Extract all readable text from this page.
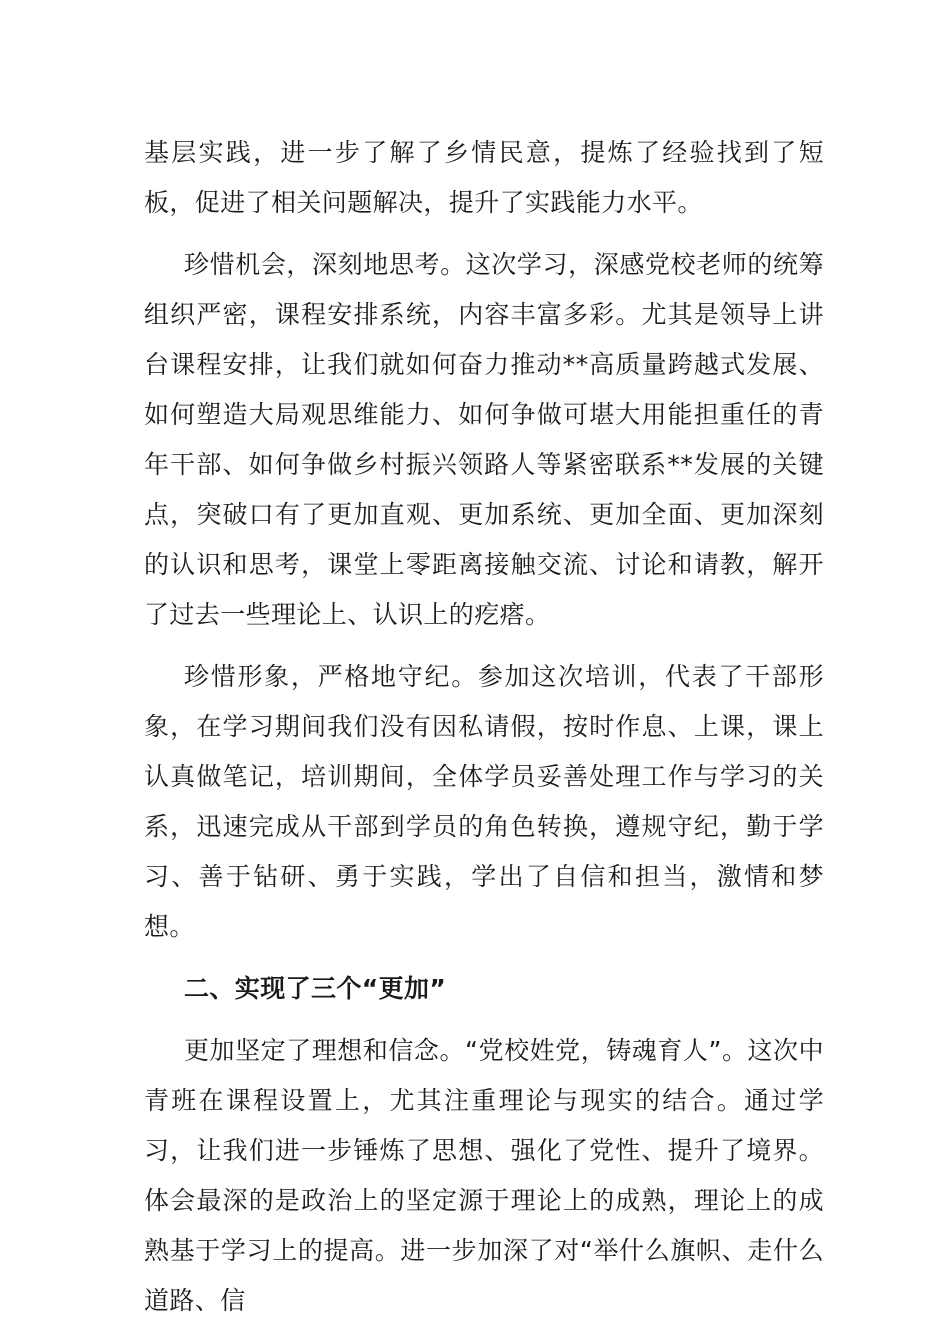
基层实践，进一步了解了乡情民意，提炼了经验找到了短板，促进了相关问题解决，提升了实践能力水平。

珍惜机会，深刻地思考。这次学习，深感党校老师的统筹组织严密，课程安排系统，内容丰富多彩。尤其是领导上讲台课程安排，让我们就如何奋力推动**高质量跨越式发展、如何塑造大局观思维能力、如何争做可堪大用能担重任的青年干部、如何争做乡村振兴领路人等紧密联系**发展的关键点，突破口有了更加直观、更加系统、更加全面、更加深刻的认识和思考，课堂上零距离接触交流、讨论和请教，解开了过去一些理论上、认识上的疙瘩。

珍惜形象，严格地守纪。参加这次培训，代表了干部形象，在学习期间我们没有因私请假，按时作息、上课，课上认真做笔记，培训期间，全体学员妥善处理工作与学习的关系，迅速完成从干部到学员的角色转换，遵规守纪，勤于学习、善于钻研、勇于实践，学出了自信和担当，激情和梦想。

二、实现了三个“更加”

更加坚定了理想和信念。“党校姓党，铸魂育人”。这次中青班在课程设置上，尤其注重理论与现实的结合。通过学习，让我们进一步锤炼了思想、强化了党性、提升了境界。体会最深的是政治上的坚定源于理论上的成熟，理论上的成熟基于学习上的提高。进一步加深了对“举什么旗帜、走什么道路、信
